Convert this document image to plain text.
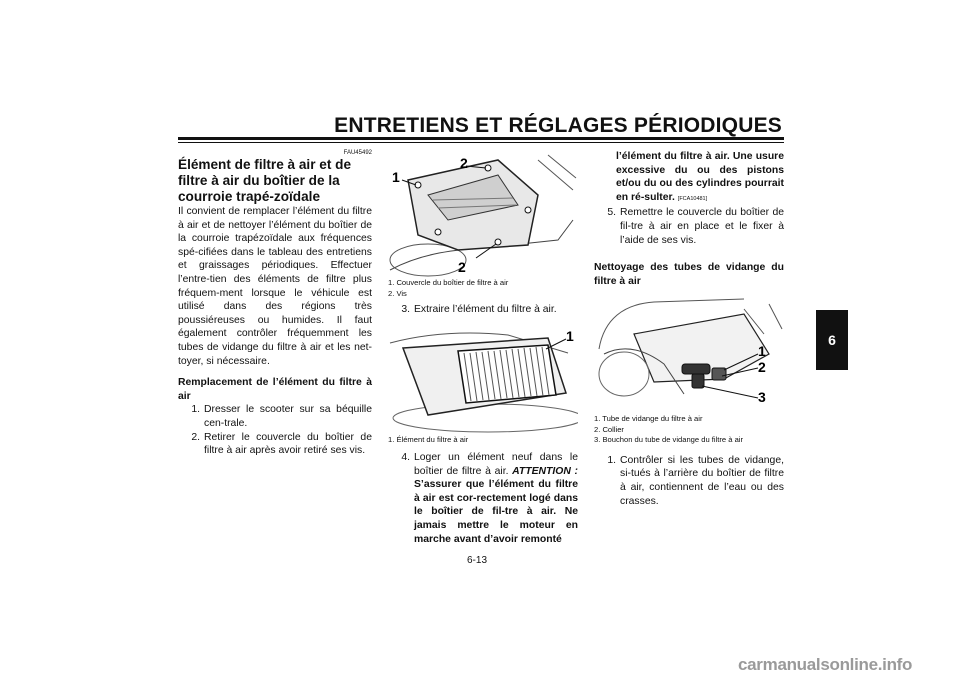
ENTRETIENS ET RÉGLAGES PÉRIODIQUES
6
FAU45492
Élément de filtre à air et de filtre à air du boîtier de la courroie trapé-zoïdale

Il convient de remplacer l’élément du filtre à air et de nettoyer l’élément du boîtier de la courroie trapézoïdale aux fréquences spé-cifiées dans le tableau des entretiens et graissages périodiques. Effectuer l’entre-tien des éléments de filtre plus fréquem-ment lorsque le véhicule est utilisé dans des régions très poussiéreuses ou humides. Il faut également contrôler fréquemment les tubes de vidange du filtre à air et les net-toyer, si nécessaire.

Remplacement de l’élément du filtre à air

1. Dresser le scooter sur sa béquille cen-trale.
2. Retirer le couvercle du boîtier de filtre à air après avoir retiré ses vis.
1
2
2
1. Couvercle du boîtier de filtre à air
2. Vis
3. Extraire l’élément du filtre à air.
1
1. Élément du filtre à air
4. Loger un élément neuf dans le boîtier de filtre à air. ATTENTION : S’assurer que l’élément du filtre à air est cor-rectement logé dans le boîtier de fil-tre à air. Ne jamais mettre le moteur en marche avant d’avoir remonté
l’élément du filtre à air. Une usure excessive du ou des pistons et/ou du ou des cylindres pourrait en ré-sulter. [FCA10481]
5. Remettre le couvercle du boîtier de fil-tre à air en place et le fixer à l’aide de ses vis.

Nettoyage des tubes de vidange du filtre à air

1
2
3
1. Tube de vidange du filtre à air
2. Collier
3. Bouchon du tube de vidange du filtre à air
1. Contrôler si les tubes de vidange, si-tués à l’arrière du boîtier de filtre à air, contiennent de l’eau ou des crasses.
6-13
carmanualsonline.info
